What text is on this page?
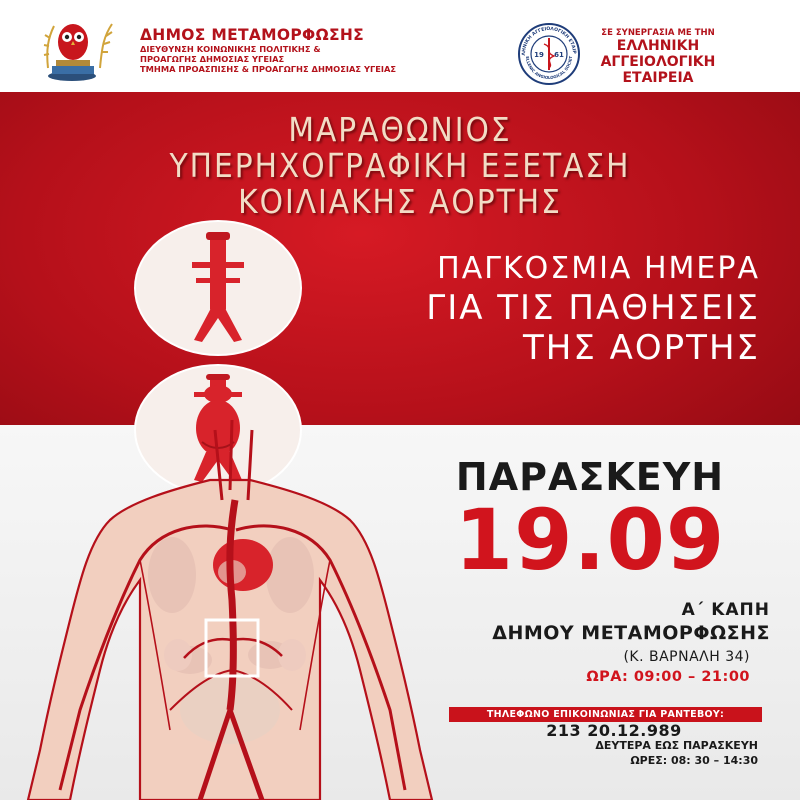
ΔΗΜΟΣ ΜΕΤΑΜΟΡΦΩΣΗΣ
ΔΙΕΥΘΥΝΣΗ ΚΟΙΝΩΝΙΚΗΣ ΠΟΛΙΤΙΚΗΣ &
ΠΡΟΑΓΩΓΗΣ ΔΗΜΟΣΙΑΣ ΥΓΕΙΑΣ
ΤΜΗΜΑ ΠΡΟΑΣΠΙΣΗΣ & ΠΡΟΑΓΩΓΗΣ ΔΗΜΟΣΙΑΣ ΥΓΕΙΑΣ
ΛΗΝΙΚΗ ΑΓΓΕΙΟΛΟΓΙΚΗ ΕΤΑΙΡ
ELLENIC ANGIOLOGICAL SOCIET
19 61
ΣΕ ΣΥΝΕΡΓΑΣΙΑ ΜΕ ΤΗΝ
ΕΛΛΗΝΙΚΗ
ΑΓΓΕΙΟΛΟΓΙΚΗ
ΕΤΑΙΡΕΙΑ
ΜΑΡΑΘΩΝΙΟΣ
ΥΠΕΡΗΧΟΓΡΑΦΙΚΗ ΕΞΕΤΑΣΗ
ΚΟΙΛΙΑΚΗΣ ΑΟΡΤΗΣ
ΠΑΓΚΟΣΜΙΑ ΗΜΕΡΑ
ΓΙΑ ΤΙΣ ΠΑΘΗΣΕΙΣ
ΤΗΣ ΑΟΡΤΗΣ
ΠΑΡΑΣΚΕΥΗ
19.09
Α΄ ΚΑΠΗ
ΔΗΜΟΥ ΜΕΤΑΜΟΡΦΩΣΗΣ
(Κ. ΒΑΡΝΑΛΗ 34)
ΩΡΑ: 09:00 – 21:00
ΤΗΛΕΦΩΝΟ ΕΠΙΚΟΙΝΩΝΙΑΣ ΓΙΑ ΡΑΝΤΕΒΟΥ:
213 20.12.989
ΔΕΥΤΕΡΑ ΕΩΣ ΠΑΡΑΣΚΕΥΗ
ΩΡΕΣ: 08: 30 – 14:30
